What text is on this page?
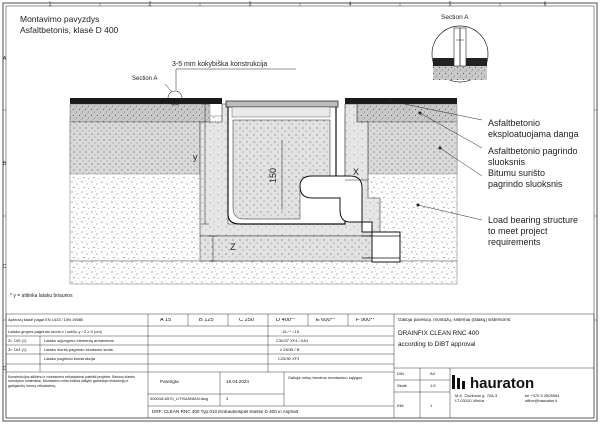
1	2	3	4	5	6
A
B
C
D
Montavimo pavyzdys
Asfaltbetonis, klasė D 400
Section A
3-5 mm kokybiška konstrukcija
y
Z
X
150
Section A
Asfaltbetonio
eksploatuojama danga
Asfaltbetonio pagrindo
sluoksnis
Bitumu surišto
pagrindo sluoksnis
Load bearing structure
to meet project
requirements
* y = atitinka lataku briaunos
Apkrovų klasė pagal EN 1433 / DIN 19580	A 15	B 125	C 250	D 400**	E 600**	F 900**
Lataku grupes pagrindo storis x / sulčiu y / Z ≥ 0 (cm)	15 / * / 15
Žr. 105 (1)	Lataku sujungimo elementų armavimas	C30/37 XF4 / XA1
Žr. 104 (1)	Lataku išorės pagrindo sluoksnio storis	≥ 28/35 / B
Lataku pagrindo konstrukcija	C25/30 XF3
Konstrukcijos atlikimo ir montavimo reikalavimai pateikti projekte. Betono klasės nurodytos minimaliai. Montavimo metu būtina laikytis gamintojo instrukcijų ir galiojančių normų reikalavimų.
Parengta	18.04.2024
000018-6570_LITHUANIAN.dwg	3
Galioja mūsų bendros montavimo sąlygos
DRF: CLEAN RNC 400 Typ 010 Einbaubeispiel Klasse D 400 in Asphalt
Galioja pavėluoj. montažų, sistemai (latakų) sistemoms:
DRAINFIX CLEAN RNC 400
according to DIBT approval
DIN	A4
Skalė	1:5
Eilė	1
hauraton
M.K. Čiurlionio g. 70A-3
LT-03100 Vilnius
tel +370 5 2605594
office@hauraton.lt
